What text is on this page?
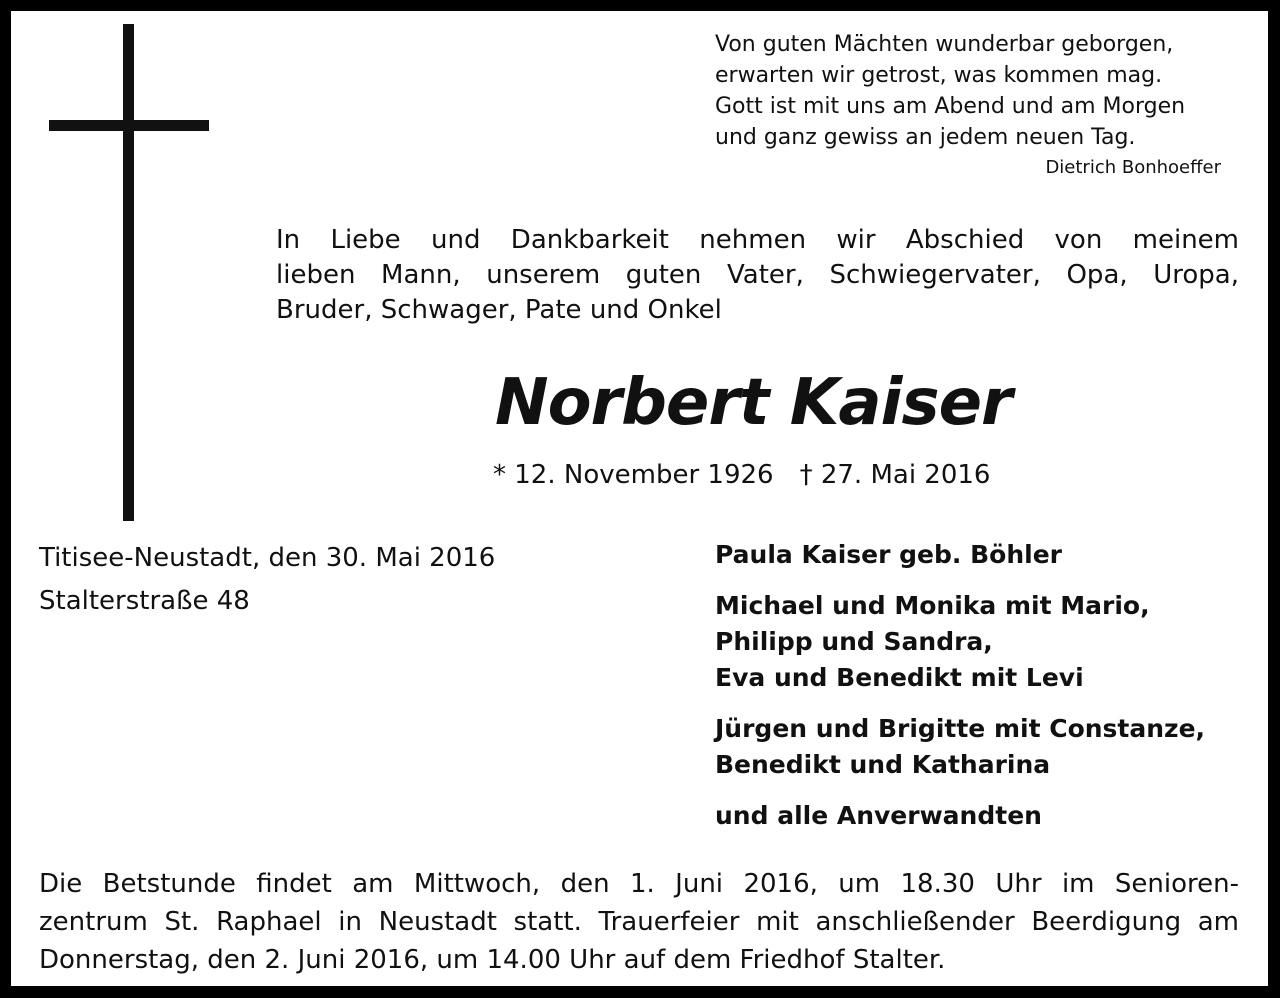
Von guten Mächten wunderbar geborgen,
erwarten wir getrost, was kommen mag.
Gott ist mit uns am Abend und am Morgen
und ganz gewiss an jedem neuen Tag.
Dietrich Bonhoeffer
In Liebe und Dankbarkeit nehmen wir Abschied von meinem
lieben Mann, unserem guten Vater, Schwiegervater, Opa, Uropa,
Bruder, Schwager, Pate und Onkel
Norbert Kaiser
* 12. November 1926 † 27. Mai 2016
Titisee-Neustadt, den 30. Mai 2016
Stalterstraße 48
Paula Kaiser geb. Böhler
Michael und Monika mit Mario,
Philipp und Sandra,
Eva und Benedikt mit Levi
Jürgen und Brigitte mit Constanze,
Benedikt und Katharina
und alle Anverwandten
Die Betstunde findet am Mittwoch, den 1. Juni 2016, um 18.30 Uhr im Senioren-
zentrum St. Raphael in Neustadt statt. Trauerfeier mit anschließender Beerdigung am
Donnerstag, den 2. Juni 2016, um 14.00 Uhr auf dem Friedhof Stalter.
